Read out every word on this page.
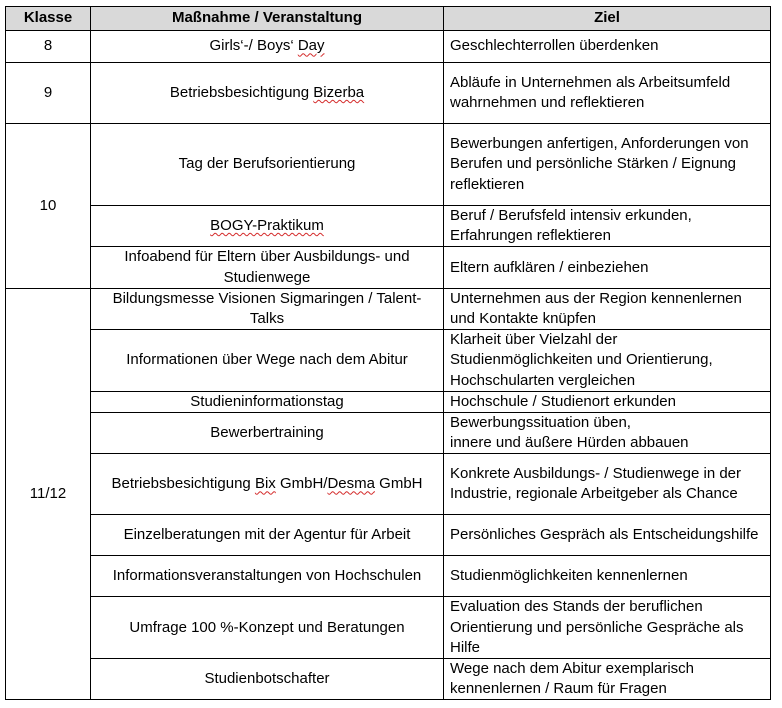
Klasse	Maßnahme / Veranstaltung	Ziel
8	Girls‘-/ Boys‘ Day	Geschlechterrollen überdenken
9	Betriebsbesichtigung Bizerba	Abläufe in Unternehmen als Arbeitsumfeld wahrnehmen und reflektieren
10	Tag der Berufsorientierung	Bewerbungen anfertigen, Anforderungen von Berufen und persönliche Stärken / Eignung reflektieren
	BOGY-Praktikum	Beruf / Berufsfeld intensiv erkunden, Erfahrungen reflektieren
	Infoabend für Eltern über Ausbildungs- und Studienwege	Eltern aufklären / einbeziehen
11/12	Bildungsmesse Visionen Sigmaringen / Talent-Talks	Unternehmen aus der Region kennenlernen und Kontakte knüpfen
	Informationen über Wege nach dem Abitur	Klarheit über Vielzahl der Studienmöglichkeiten und Orientierung, Hochschularten vergleichen
	Studieninformationstag	Hochschule / Studienort erkunden
	Bewerbertraining	Bewerbungssituation üben,
innere und äußere Hürden abbauen
	Betriebsbesichtigung Bix GmbH/Desma GmbH	Konkrete Ausbildungs- / Studienwege in der Industrie, regionale Arbeitgeber als Chance
	Einzelberatungen mit der Agentur für Arbeit	Persönliches Gespräch als Entscheidungshilfe
	Informationsveranstaltungen von Hochschulen	Studienmöglichkeiten kennenlernen
	Umfrage 100 %-Konzept und Beratungen	Evaluation des Stands der beruflichen Orientierung und persönliche Gespräche als Hilfe
	Studienbotschafter	Wege nach dem Abitur exemplarisch kennenlernen / Raum für Fragen
